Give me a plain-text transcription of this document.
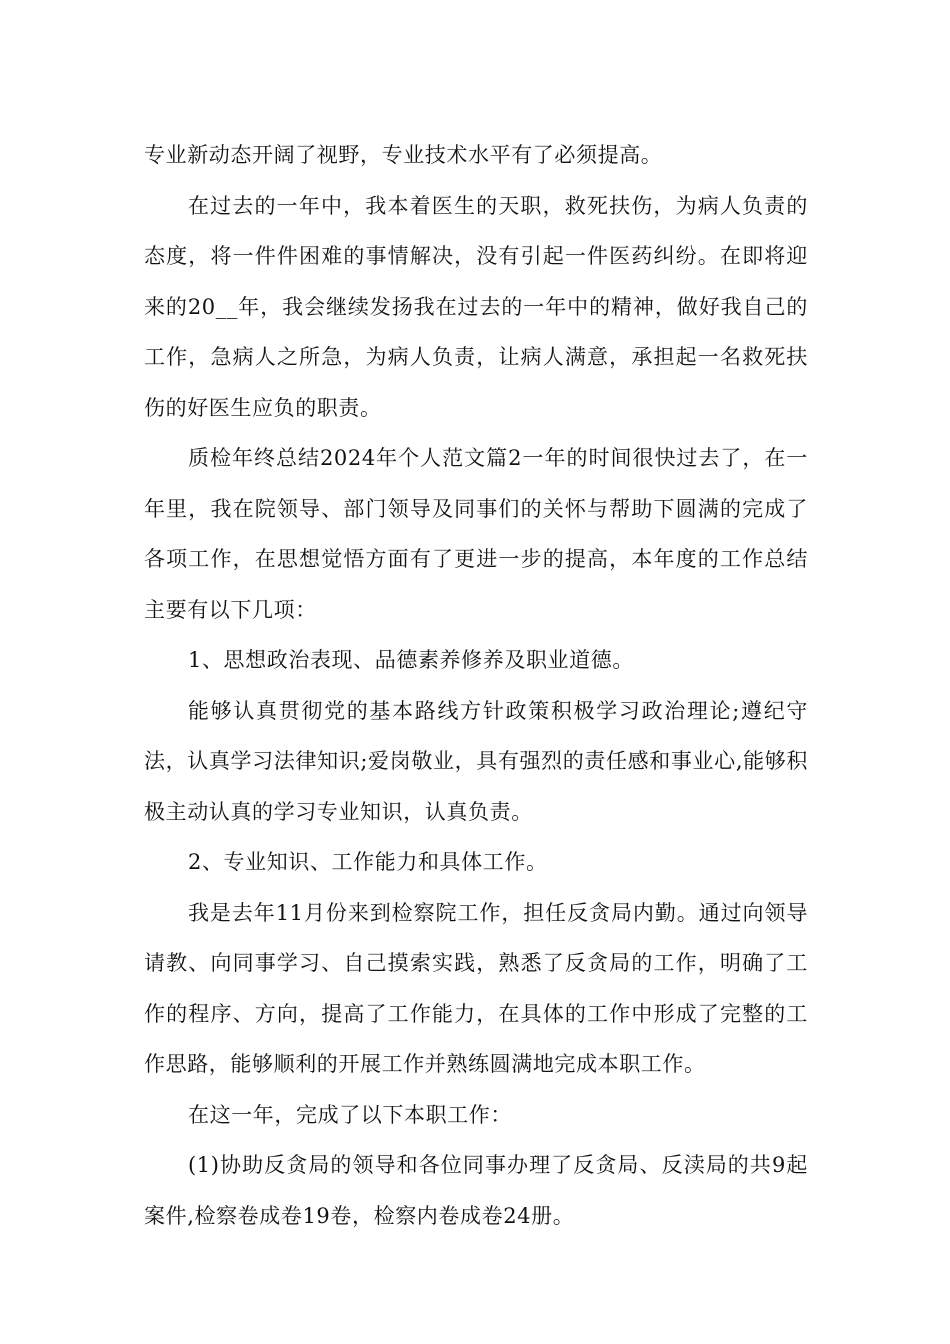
专业新动态开阔了视野，专业技术水平有了必须提高。

在过去的一年中，我本着医生的天职，救死扶伤，为病人负责的态度，将一件件困难的事情解决，没有引起一件医药纠纷。在即将迎来的20__年，我会继续发扬我在过去的一年中的精神，做好我自己的工作，急病人之所急，为病人负责，让病人满意，承担起一名救死扶伤的好医生应负的职责。

质检年终总结2024年个人范文篇2一年的时间很快过去了，在一年里，我在院领导、部门领导及同事们的关怀与帮助下圆满的完成了各项工作，在思想觉悟方面有了更进一步的提高，本年度的工作总结主要有以下几项：

1、思想政治表现、品德素养修养及职业道德。

能够认真贯彻党的基本路线方针政策积极学习政治理论;遵纪守法，认真学习法律知识;爱岗敬业，具有强烈的责任感和事业心,能够积极主动认真的学习专业知识，认真负责。

2、专业知识、工作能力和具体工作。

我是去年11月份来到检察院工作，担任反贪局内勤。通过向领导请教、向同事学习、自己摸索实践，熟悉了反贪局的工作，明确了工作的程序、方向，提高了工作能力，在具体的工作中形成了完整的工作思路，能够顺利的开展工作并熟练圆满地完成本职工作。

在这一年，完成了以下本职工作：

(1)协助反贪局的领导和各位同事办理了反贪局、反渎局的共9起案件,检察卷成卷19卷，检察内卷成卷24册。
